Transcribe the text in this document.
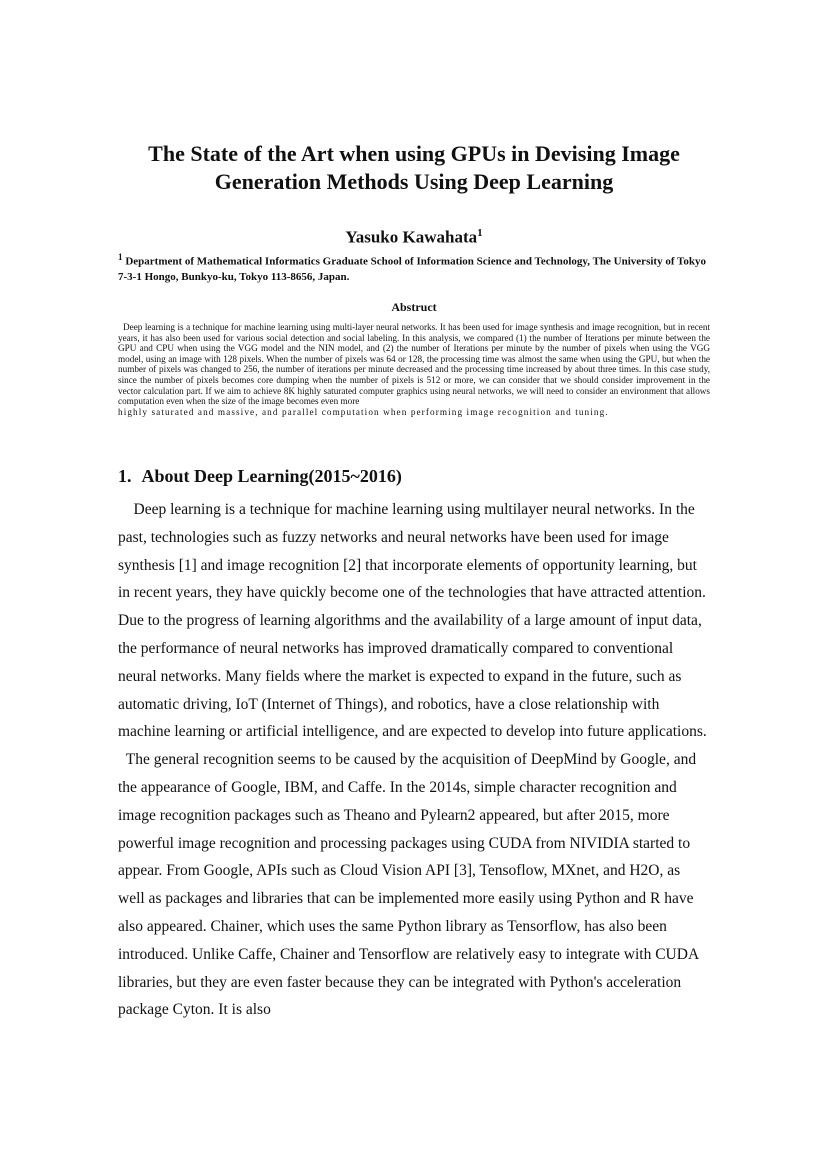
The State of the Art when using GPUs in Devising Image
Generation Methods Using Deep Learning

Yasuko Kawahata$^1$

$^1$ Department of Mathematical Informatics Graduate School of Information Science and Technology, The University of Tokyo 7-3-1 Hongo, Bunkyo-ku, Tokyo 113-8656, Japan.

Abstruct

Deep learning is a technique for machine learning using multi-layer neural networks. It has been used for image synthesis and image recognition, but in recent years, it has also been used for various social detection and social labeling. In this analysis, we compared (1) the number of Iterations per minute between the GPU and CPU when using the VGG model and the NIN model, and (2) the number of Iterations per minute by the number of pixels when using the VGG model, using an image with 128 pixels. When the number of pixels was 64 or 128, the processing time was almost the same when using the GPU, but when the number of pixels was changed to 256, the number of iterations per minute decreased and the processing time increased by about three times. In this case study, since the number of pixels becomes core dumping when the number of pixels is 512 or more, we can consider that we should consider improvement in the vector calculation part. If we aim to achieve 8K highly saturated computer graphics using neural networks, we will need to consider an environment that allows computation even when the size of the image becomes even more
highly saturated and massive, and parallel computation when performing image recognition and tuning.

1. About Deep Learning(2015~2016)

Deep learning is a technique for machine learning using multilayer neural networks. In the past, technologies such as fuzzy networks and neural networks have been used for image synthesis [1] and image recognition [2] that incorporate elements of opportunity learning, but in recent years, they have quickly become one of the technologies that have attracted attention. Due to the progress of learning algorithms and the availability of a large amount of input data, the performance of neural networks has improved dramatically compared to conventional neural networks. Many fields where the market is expected to expand in the future, such as automatic driving, IoT (Internet of Things), and robotics, have a close relationship with machine learning or artificial intelligence, and are expected to develop into future applications.

The general recognition seems to be caused by the acquisition of DeepMind by Google, and the appearance of Google, IBM, and Caffe. In the 2014s, simple character recognition and image recognition packages such as Theano and Pylearn2 appeared, but after 2015, more powerful image recognition and processing packages using CUDA from NIVIDIA started to appear. From Google, APIs such as Cloud Vision API [3], Tensoflow, MXnet, and H2O, as well as packages and libraries that can be implemented more easily using Python and R have also appeared. Chainer, which uses the same Python library as Tensorflow, has also been introduced. Unlike Caffe, Chainer and Tensorflow are relatively easy to integrate with CUDA libraries, but they are even faster because they can be integrated with Python's acceleration package Cyton. It is also
